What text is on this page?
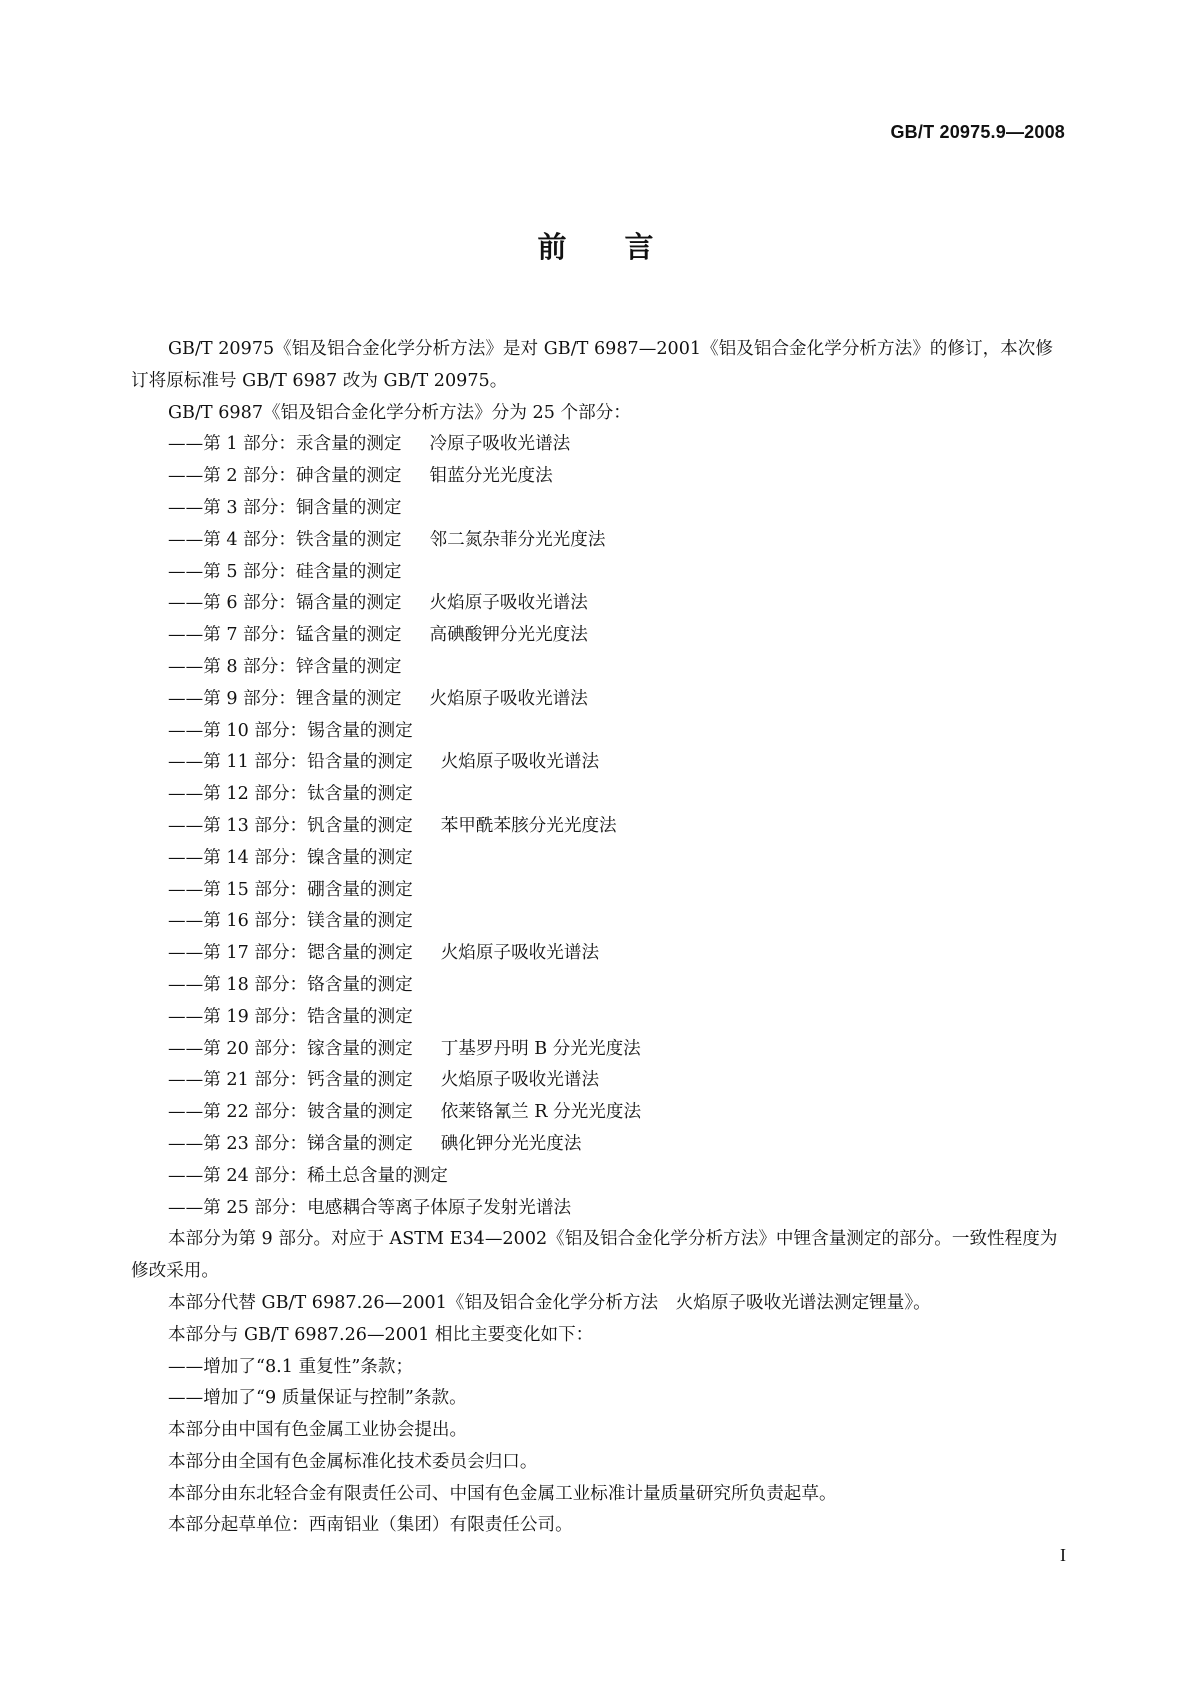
GB/T 20975.9—2008
前 言

GB/T 20975《铝及铝合金化学分析方法》是对 GB/T 6987—2001《铝及铝合金化学分析方法》的修订，本次修订将原标准号 GB/T 6987 改为 GB/T 20975。

GB/T 6987《铝及铝合金化学分析方法》分为 25 个部分：

——第 1 部分：汞含量的测定 冷原子吸收光谱法
——第 2 部分：砷含量的测定 钼蓝分光光度法
——第 3 部分：铜含量的测定
——第 4 部分：铁含量的测定 邻二氮杂菲分光光度法
——第 5 部分：硅含量的测定
——第 6 部分：镉含量的测定 火焰原子吸收光谱法
——第 7 部分：锰含量的测定 高碘酸钾分光光度法
——第 8 部分：锌含量的测定
——第 9 部分：锂含量的测定 火焰原子吸收光谱法
——第 10 部分：锡含量的测定
——第 11 部分：铅含量的测定 火焰原子吸收光谱法
——第 12 部分：钛含量的测定
——第 13 部分：钒含量的测定 苯甲酰苯胲分光光度法
——第 14 部分：镍含量的测定
——第 15 部分：硼含量的测定
——第 16 部分：镁含量的测定
——第 17 部分：锶含量的测定 火焰原子吸收光谱法
——第 18 部分：铬含量的测定
——第 19 部分：锆含量的测定
——第 20 部分：镓含量的测定 丁基罗丹明 B 分光光度法
——第 21 部分：钙含量的测定 火焰原子吸收光谱法
——第 22 部分：铍含量的测定 依莱铬氰兰 R 分光光度法
——第 23 部分：锑含量的测定 碘化钾分光光度法
——第 24 部分：稀土总含量的测定
——第 25 部分：电感耦合等离子体原子发射光谱法

本部分为第 9 部分。对应于 ASTM E34—2002《铝及铝合金化学分析方法》中锂含量测定的部分。一致性程度为修改采用。

本部分代替 GB/T 6987.26—2001《铝及铝合金化学分析方法　火焰原子吸收光谱法测定锂量》。

本部分与 GB/T 6987.26—2001 相比主要变化如下：

——增加了“8.1 重复性”条款；

——增加了“9 质量保证与控制”条款。

本部分由中国有色金属工业协会提出。

本部分由全国有色金属标准化技术委员会归口。

本部分由东北轻合金有限责任公司、中国有色金属工业标准计量质量研究所负责起草。

本部分起草单位：西南铝业（集团）有限责任公司。

I
